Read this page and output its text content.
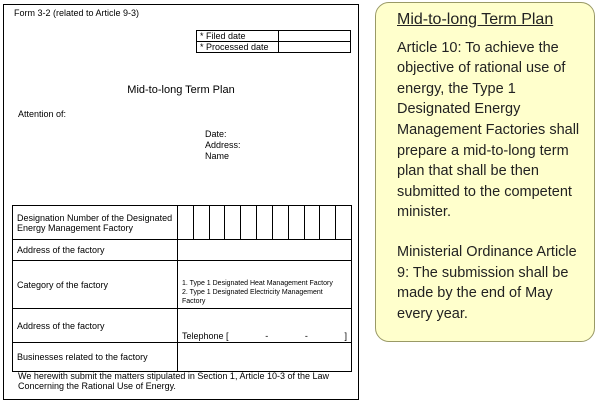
Form 3-2 (related to Article 9-3)
* Filed date	
* Processed date	
Mid-to-long Term Plan
Attention of:
Date:
Address:
Name
Designation Number of the Designated Energy Management Factory											
Address of the factory											
Category of the factory	1. Type 1 Designated Heat Management Factory
2. Type 1 Designated Electricity Management Factory										

Address of the factory	Telephone [ - - ]										

Businesses related to the factory											
We herewith submit the matters stipulated in Section 1, Article 10-3 of the Law Concerning the Rational Use of Energy.
Mid-to-long Term Plan

Article 10: To achieve the objective of rational use of energy, the Type 1 Designated Energy Management Factories shall prepare a mid-to-long term plan that shall be then submitted to the competent minister.

Ministerial Ordinance Article 9: The submission shall be made by the end of May every year.
